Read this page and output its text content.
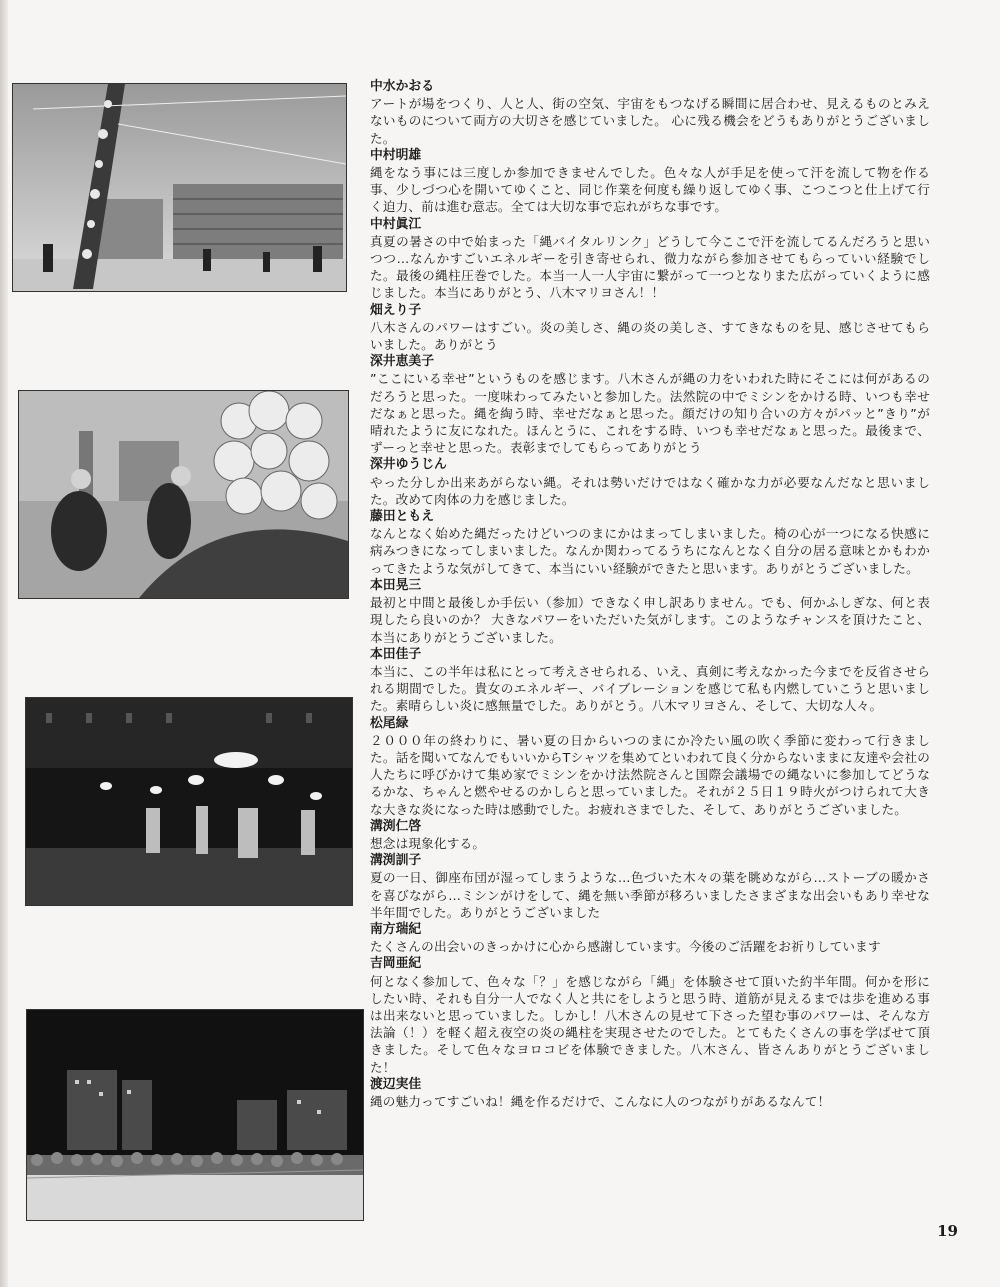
中水かおる

アートが場をつくり、人と人、街の空気、宇宙をもつなげる瞬間に居合わせ、見えるものとみえないものについて両方の大切さを感じていました。 心に残る機会をどうもありがとうございました。

中村明雄

縄をなう事には三度しか参加できませんでした。色々な人が手足を使って汗を流して物を作る事、少しづつ心を開いてゆくこと、同じ作業を何度も繰り返してゆく事、こつこつと仕上げて行く迫力、前は進む意志。全ては大切な事で忘れがちな事です。

中村眞江

真夏の暑さの中で始まった「縄バイタルリンク」どうして今ここで汗を流してるんだろうと思いつつ…なんかすごいエネルギーを引き寄せられ、微力ながら参加させてもらっていい経験でした。最後の縄柱圧巻でした。本当一人一人宇宙に繋がって一つとなりまた広がっていくように感じました。本当にありがとう、八木マリヨさん！！

畑えり子

八木さんのパワーはすごい。炎の美しさ、縄の炎の美しさ、すてきなものを見、感じさせてもらいました。ありがとう

深井恵美子

”ここにいる幸せ”というものを感じます。八木さんが縄の力をいわれた時にそこには何があるのだろうと思った。一度味わってみたいと参加した。法然院の中でミシンをかける時、いつも幸せだなぁと思った。縄を綯う時、幸せだなぁと思った。顔だけの知り合いの方々がパッと”きり”が晴れたように友になれた。ほんとうに、これをする時、いつも幸せだなぁと思った。最後まで、ずーっと幸せと思った。表彰までしてもらってありがとう

深井ゆうじん

やった分しか出来あがらない縄。それは勢いだけではなく確かな力が必要なんだなと思いました。改めて肉体の力を感じました。

藤田ともえ

なんとなく始めた縄だったけどいつのまにかはまってしまいました。椅の心が一つになる快感に病みつきになってしまいました。なんか関わってるうちになんとなく自分の居る意味とかもわかってきたような気がしてきて、本当にいい経験ができたと思います。ありがとうございました。

本田晃三

最初と中間と最後しか手伝い（参加）できなく申し訳ありません。でも、何かふしぎな、何と表現したら良いのか？ 大きなパワーをいただいた気がします。このようなチャンスを頂けたこと、本当にありがとうございました。

本田佳子

本当に、この半年は私にとって考えさせられる、いえ、真剣に考えなかった今までを反省させられる期間でした。貴女のエネルギー、バイブレーションを感じて私も内燃していこうと思いました。素晴らしい炎に感無量でした。ありがとう。八木マリヨさん、そして、大切な人々。

松尾緑

２０００年の終わりに、暑い夏の日からいつのまにか冷たい風の吹く季節に変わって行きました。話を聞いてなんでもいいからTシャツを集めてといわれて良く分からないままに友達や会社の人たちに呼びかけて集め家でミシンをかけ法然院さんと国際会議場での縄ないに参加してどうなるかな、ちゃんと燃やせるのかしらと思っていました。それが２５日１９時火がつけられて大きな大きな炎になった時は感動でした。お疲れさまでした、そして、ありがとうございました。

溝渕仁啓

想念は現象化する。

溝渕訓子

夏の一日、御座布団が湿ってしまうような…色づいた木々の葉を眺めながら…ストーブの暖かさを喜びながら…ミシンがけをして、縄を無い季節が移ろいましたさまざまな出会いもあり幸せな半年間でした。ありがとうございました

南方瑞紀

たくさんの出会いのきっかけに心から感謝しています。今後のご活躍をお祈りしています

吉岡亜紀

何となく参加して、色々な「？」を感じながら「縄」を体験させて頂いた約半年間。何かを形にしたい時、それも自分一人でなく人と共にをしようと思う時、道筋が見えるまでは歩を進める事は出来ないと思っていました。しかし！八木さんの見せて下さった望む事のパワーは、そんな方法論（！）を軽く超え夜空の炎の縄柱を実現させたのでした。とてもたくさんの事を学ばせて頂きました。そして色々なヨロコビを体験できました。八木さん、皆さんありがとうございました！

渡辺実佳

縄の魅力ってすごいね！縄を作るだけで、こんなに人のつながりがあるなんて！

19
